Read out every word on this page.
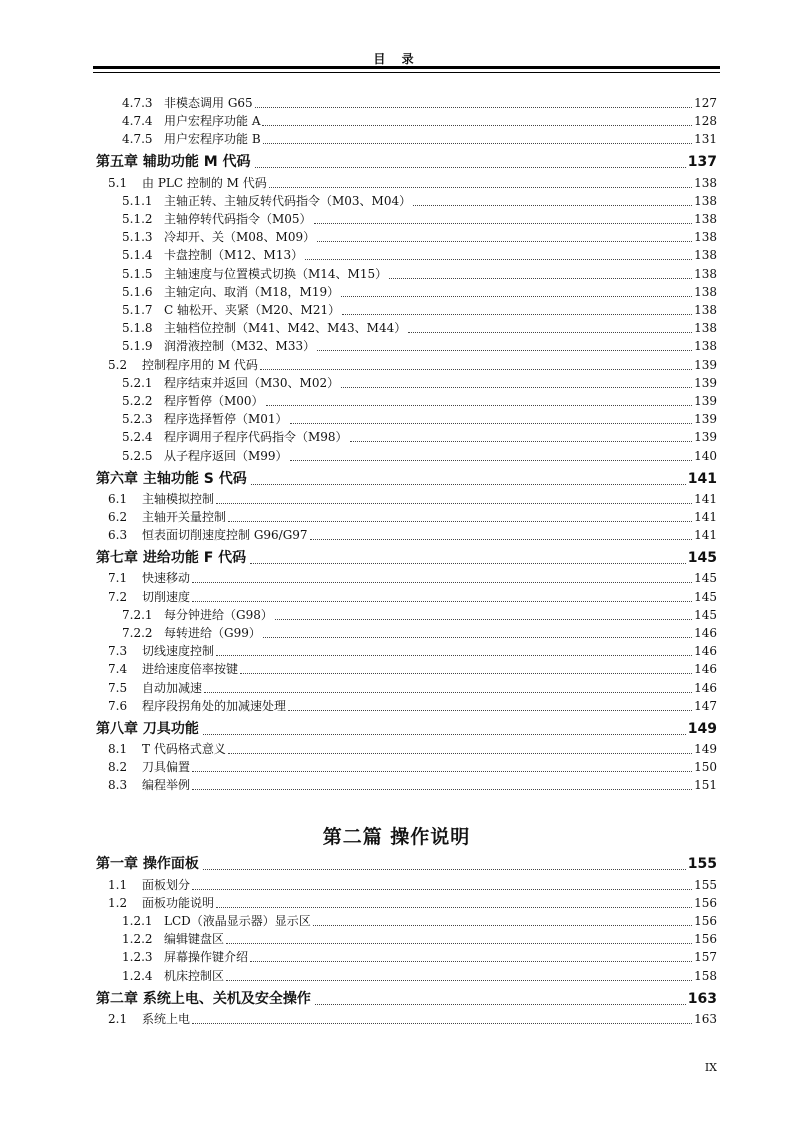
目 录
4.7.3 非模态调用 G65	127
4.7.4 用户宏程序功能 A	128
4.7.5 用户宏程序功能 B	131
第五章 辅助功能 M 代码	137
5.1	由 PLC 控制的 M 代码	138
5.1.1 主轴正转、主轴反转代码指令（M03、M04）	138
5.1.2 主轴停转代码指令（M05）	138
5.1.3 冷却开、关（M08、M09）	138
5.1.4 卡盘控制（M12、M13）	138
5.1.5 主轴速度与位置模式切换（M14、M15）	138
5.1.6 主轴定向、取消（M18，M19）	138
5.1.7 C 轴松开、夹紧（M20、M21）	138
5.1.8 主轴档位控制（M41、M42、M43、M44）	138
5.1.9 润滑液控制（M32、M33）	138
5.2	控制程序用的 M 代码	139
5.2.1 程序结束并返回（M30、M02）	139
5.2.2 程序暂停（M00）	139
5.2.3 程序选择暂停（M01）	139
5.2.4 程序调用子程序代码指令（M98）	139
5.2.5 从子程序返回（M99）	140
第六章 主轴功能 S 代码	141
6.1	主轴模拟控制	141
6.2	主轴开关量控制	141
6.3	恒表面切削速度控制 G96/G97	141
第七章 进给功能 F 代码	145
7.1	快速移动	145
7.2	切削速度	145
7.2.1 每分钟进给（G98）	145
7.2.2 每转进给（G99）	146
7.3	切线速度控制	146
7.4	进给速度倍率按键	146
7.5	自动加减速	146
7.6	程序段拐角处的加减速处理	147
第八章 刀具功能	149
8.1	T 代码格式意义	149
8.2	刀具偏置	150
8.3	编程举例	151
第一章 操作面板	155
1.1	面板划分	155
1.2	面板功能说明	156
1.2.1 LCD（液晶显示器）显示区	156
1.2.2 编辑键盘区	156
1.2.3 屏幕操作键介绍	157
1.2.4 机床控制区	158
第二章 系统上电、关机及安全操作	163
2.1	系统上电	163
IX
第二篇 操作说明
